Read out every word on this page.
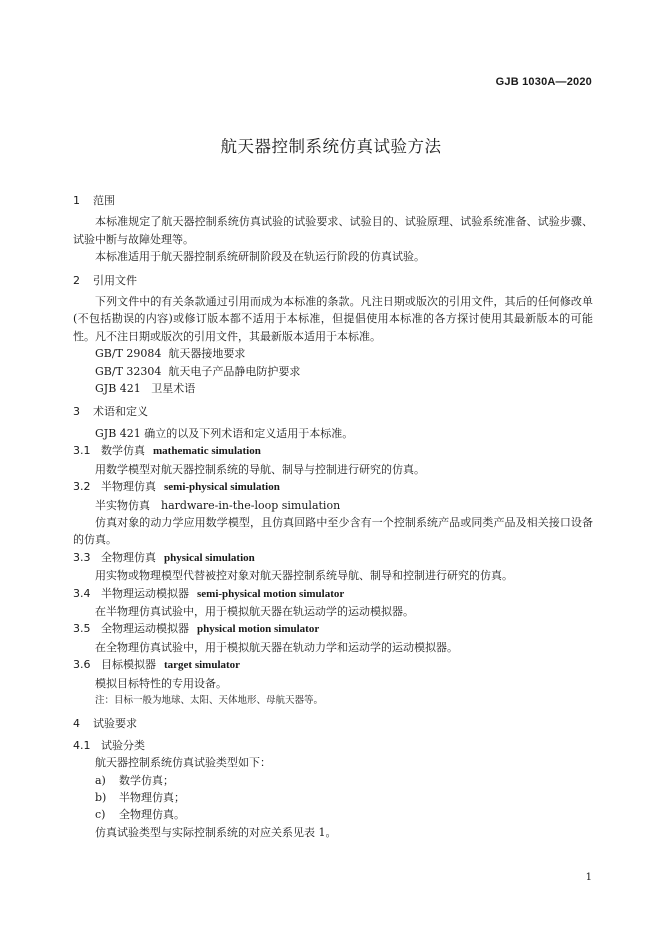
GJB 1030A—2020
航天器控制系统仿真试验方法
1 范围

本标准规定了航天器控制系统仿真试验的试验要求、试验目的、试验原理、试验系统准备、试验步骤、试验中断与故障处理等。

本标准适用于航天器控制系统研制阶段及在轨运行阶段的仿真试验。

2 引用文件

下列文件中的有关条款通过引用而成为本标准的条款。凡注日期或版次的引用文件，其后的任何修改单(不包括勘误的内容)或修订版本都不适用于本标准，但提倡使用本标准的各方探讨使用其最新版本的可能性。凡不注日期或版次的引用文件，其最新版本适用于本标准。

GB/T 29084 航天器接地要求
GB/T 32304 航天电子产品静电防护要求
GJB 421 卫星术语
3 术语和定义

GJB 421 确立的以及下列术语和定义适用于本标准。

3.1 数学仿真 mathematic simulation

用数学模型对航天器控制系统的导航、制导与控制进行研究的仿真。

3.2 半物理仿真 semi-physical simulation

半实物仿真　hardware-in-the-loop simulation

仿真对象的动力学应用数学模型，且仿真回路中至少含有一个控制系统产品或同类产品及相关接口设备的仿真。

3.3 全物理仿真 physical simulation

用实物或物理模型代替被控对象对航天器控制系统导航、制导和控制进行研究的仿真。

3.4 半物理运动模拟器 semi-physical motion simulator

在半物理仿真试验中，用于模拟航天器在轨运动学的运动模拟器。

3.5 全物理运动模拟器 physical motion simulator

在全物理仿真试验中，用于模拟航天器在轨动力学和运动学的运动模拟器。

3.6 目标模拟器 target simulator

模拟目标特性的专用设备。

注：目标一般为地球、太阳、天体地形、母航天器等。

4 试验要求
4.1 试验分类

航天器控制系统仿真试验类型如下：

a) 数学仿真；
b) 半物理仿真；
c) 全物理仿真。

仿真试验类型与实际控制系统的对应关系见表 1。

1
